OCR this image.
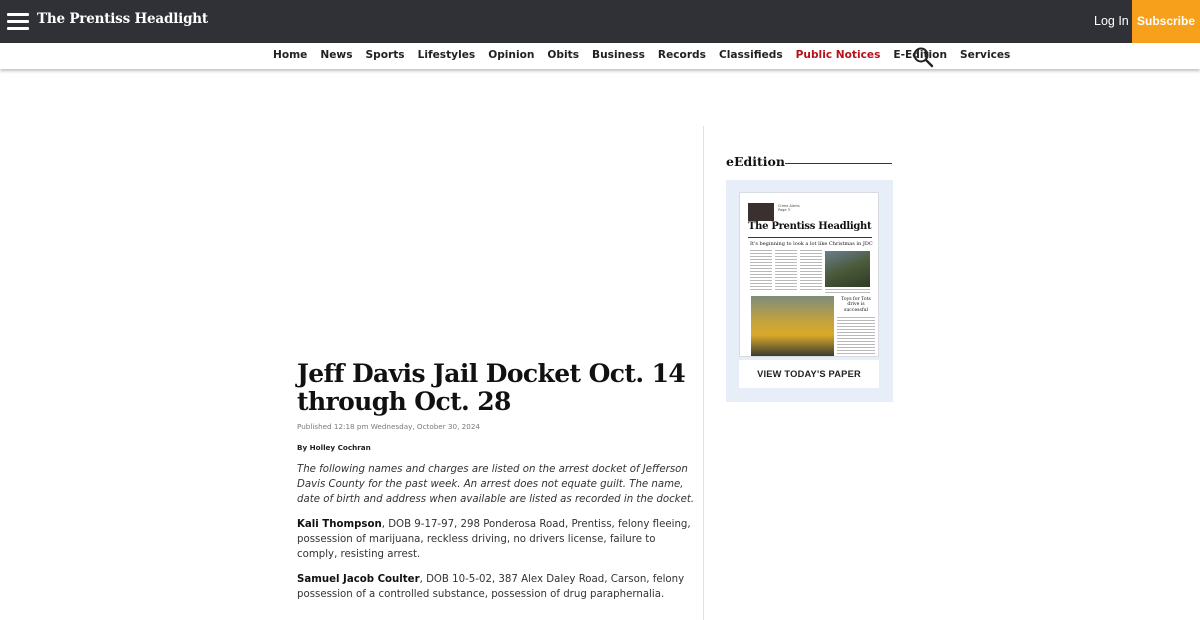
The Prentiss Headlight	Log In Subscribe
Home News Sports Lifestyles Opinion Obits Business Records Classifieds Public Notices E-Edition Services
Jeff Davis Jail Docket Oct. 14 through Oct. 28
Published 12:18 pm Wednesday, October 30, 2024
By Holley Cochran

The following names and charges are listed on the arrest docket of Jefferson Davis County for the past week. An arrest does not equate guilt. The name, date of birth and address when available are listed as recorded in the docket.

Kali Thompson, DOB 9-17-97, 298 Ponderosa Road, Prentiss, felony fleeing, possession of marijuana, reckless driving, no drivers license, failure to comply, resisting arrest.

Samuel Jacob Coulter, DOB 10-5-02, 387 Alex Daley Road, Carson, felony possession of a controlled substance, possession of drug paraphernalia.

eEdition
Crime Alerts Page 3
The Prentiss Headlight
It's beginning to look a lot like Christmas in JDC
Toys for Tots drive is successful
VIEW TODAY'S PAPER
